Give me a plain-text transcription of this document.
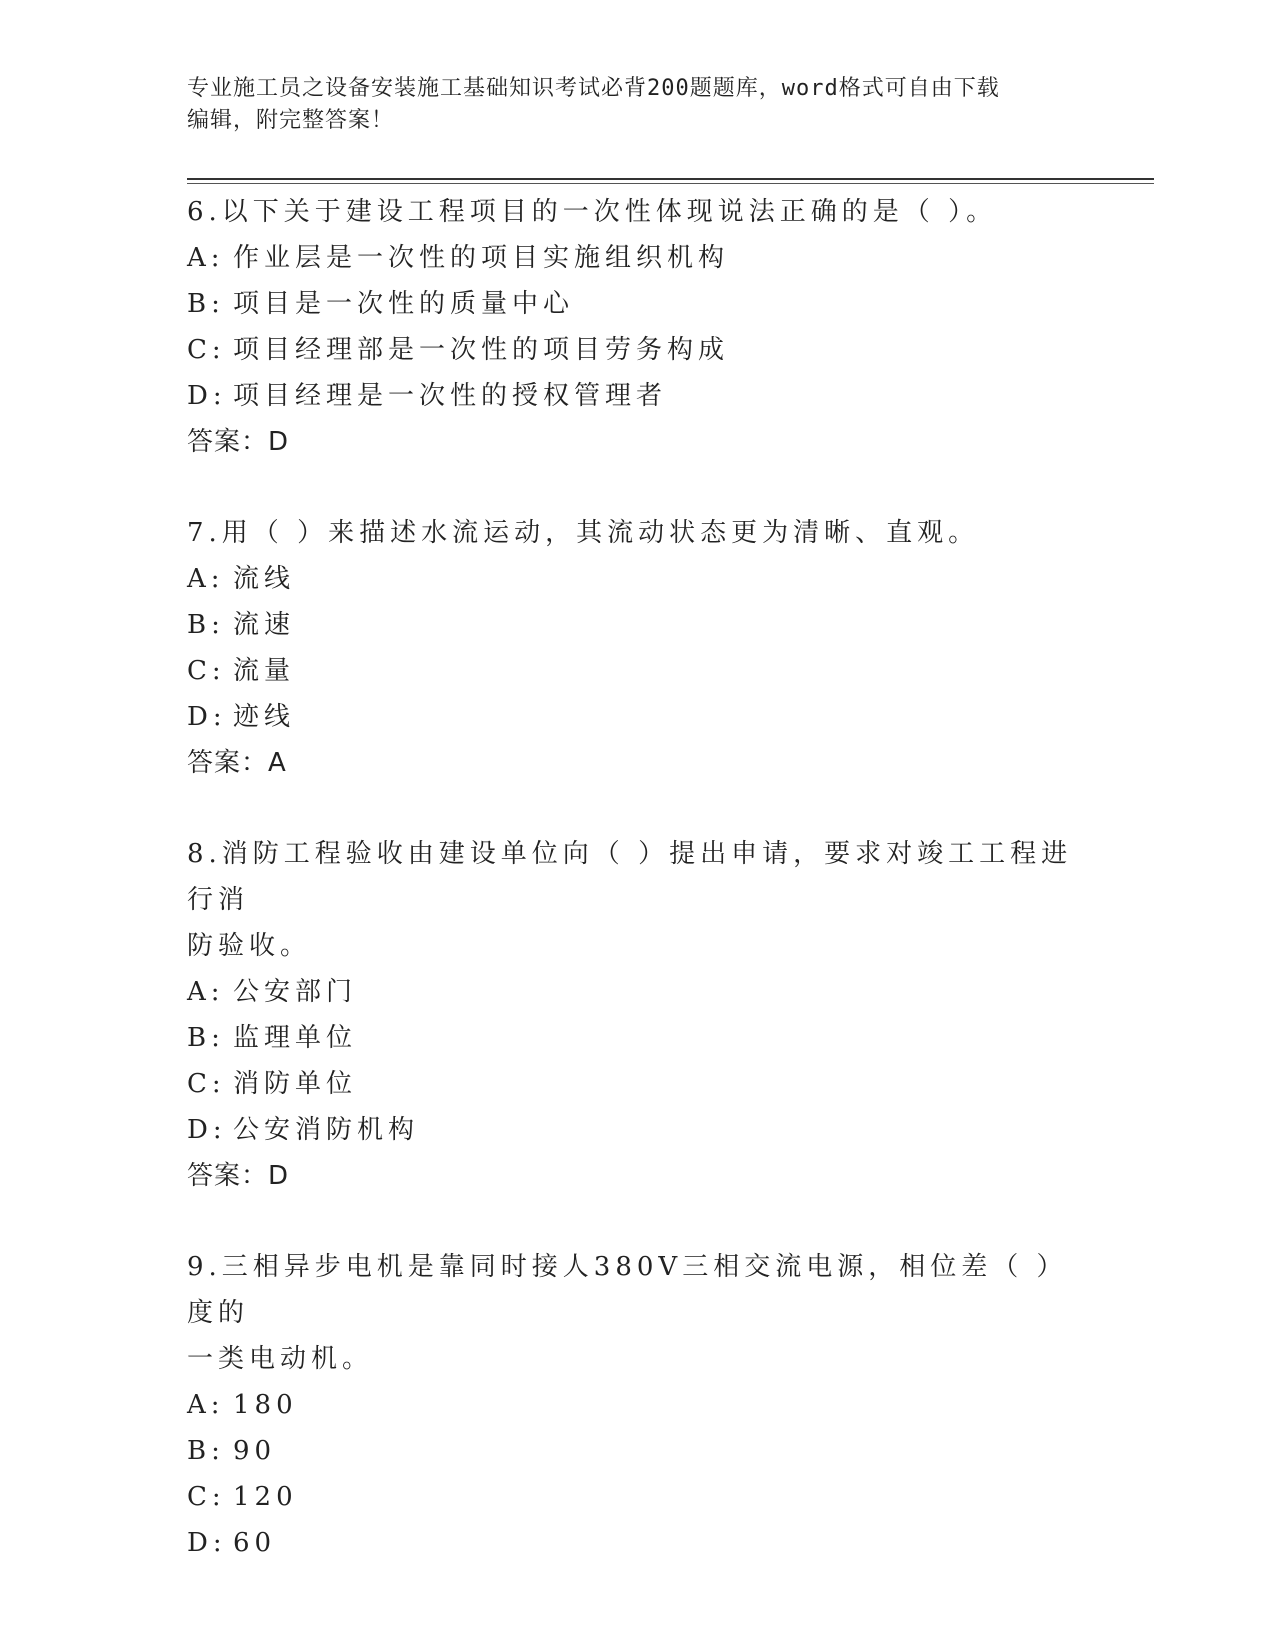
专业施工员之设备安装施工基础知识考试必背200题题库，word格式可自由下载
编辑，附完整答案！

6.以下关于建设工程项目的一次性体现说法正确的是（ ）。

A: 作业层是一次性的项目实施组织机构

B: 项目是一次性的质量中心

C: 项目经理部是一次性的项目劳务构成

D: 项目经理是一次性的授权管理者

答案：D

7.用（ ）来描述水流运动，其流动状态更为清晰、直观。

A: 流线

B: 流速

C: 流量

D: 迹线

答案：A

8.消防工程验收由建设单位向（ ）提出申请，要求对竣工工程进行消

防验收。

A: 公安部门

B: 监理单位

C: 消防单位

D: 公安消防机构

答案：D

9.三相异步电机是靠同时接人380V三相交流电源，相位差（ ）度的

一类电动机。

A: 180

B: 90

C: 120

D: 60
